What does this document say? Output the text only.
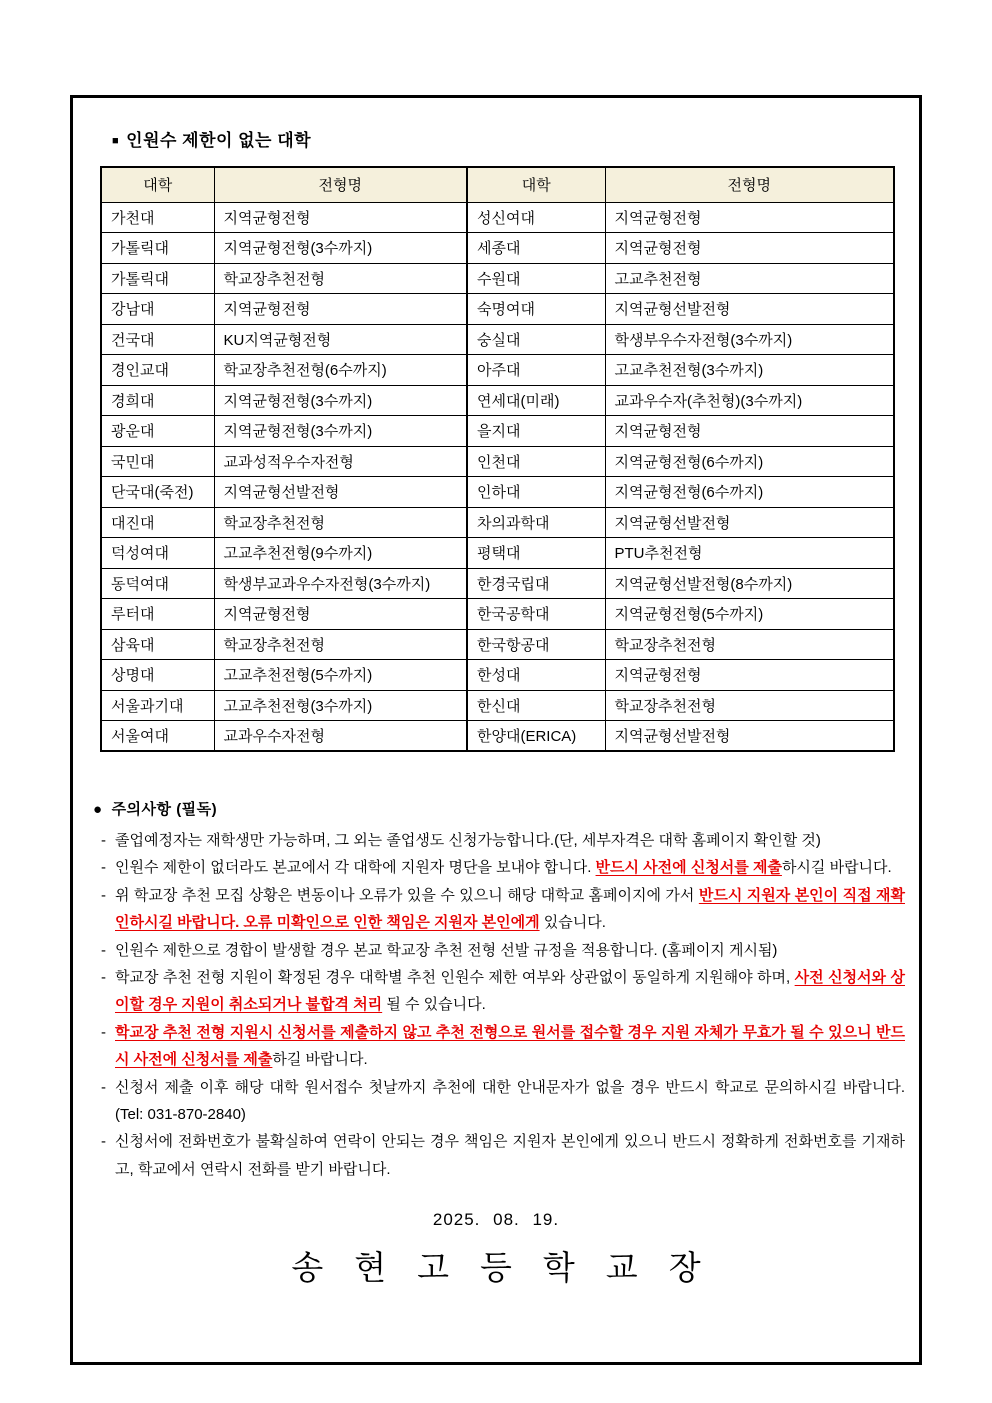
■ 인원수 제한이 없는 대학
대학	전형명	대학	전형명
가천대	지역균형전형	성신여대	지역균형전형
가톨릭대	지역균형전형(3수까지)	세종대	지역균형전형
가톨릭대	학교장추천전형	수원대	고교추천전형
강남대	지역균형전형	숙명여대	지역균형선발전형
건국대	KU지역균형전형	숭실대	학생부우수자전형(3수까지)
경인교대	학교장추천전형(6수까지)	아주대	고교추천전형(3수까지)
경희대	지역균형전형(3수까지)	연세대(미래)	교과우수자(추천형)(3수까지)
광운대	지역균형전형(3수까지)	을지대	지역균형전형
국민대	교과성적우수자전형	인천대	지역균형전형(6수까지)
단국대(죽전)	지역균형선발전형	인하대	지역균형전형(6수까지)
대진대	학교장추천전형	차의과학대	지역균형선발전형
덕성여대	고교추천전형(9수까지)	평택대	PTU추천전형
동덕여대	학생부교과우수자전형(3수까지)	한경국립대	지역균형선발전형(8수까지)
루터대	지역균형전형	한국공학대	지역균형전형(5수까지)
삼육대	학교장추천전형	한국항공대	학교장추천전형
상명대	고교추천전형(5수까지)	한성대	지역균형전형
서울과기대	고교추천전형(3수까지)	한신대	학교장추천전형
서울여대	교과우수자전형	한양대(ERICA)	지역균형선발전형
● 주의사항 (필독)
- 졸업예정자는 재학생만 가능하며, 그 외는 졸업생도 신청가능합니다.(단, 세부자격은 대학 홈페이지 확인할 것)

- 인원수 제한이 없더라도 본교에서 각 대학에 지원자 명단을 보내야 합니다. 반드시 사전에 신청서를 제출하시길 바랍니다.

- 위 학교장 추천 모집 상황은 변동이나 오류가 있을 수 있으니 해당 대학교 홈페이지에 가서 반드시 지원자 본인이 직접 재확인하시길 바랍니다. 오류 미확인으로 인한 책임은 지원자 본인에게 있습니다.

- 인원수 제한으로 경합이 발생할 경우 본교 학교장 추천 전형 선발 규정을 적용합니다. (홈페이지 게시됨)

- 학교장 추천 전형 지원이 확정된 경우 대학별 추천 인원수 제한 여부와 상관없이 동일하게 지원해야 하며, 사전 신청서와 상이할 경우 지원이 취소되거나 불합격 처리 될 수 있습니다.

- 학교장 추천 전형 지원시 신청서를 제출하지 않고 추천 전형으로 원서를 접수할 경우 지원 자체가 무효가 될 수 있으니 반드시 사전에 신청서를 제출하길 바랍니다.

- 신청서 제출 이후 해당 대학 원서접수 첫날까지 추천에 대한 안내문자가 없을 경우 반드시 학교로 문의하시길 바랍니다. (Tel: 031-870-2840)

- 신청서에 전화번호가 불확실하여 연락이 안되는 경우 책임은 지원자 본인에게 있으니 반드시 정확하게 전화번호를 기재하고, 학교에서 연락시 전화를 받기 바랍니다.

2025. 08. 19.
송현고등학교장
